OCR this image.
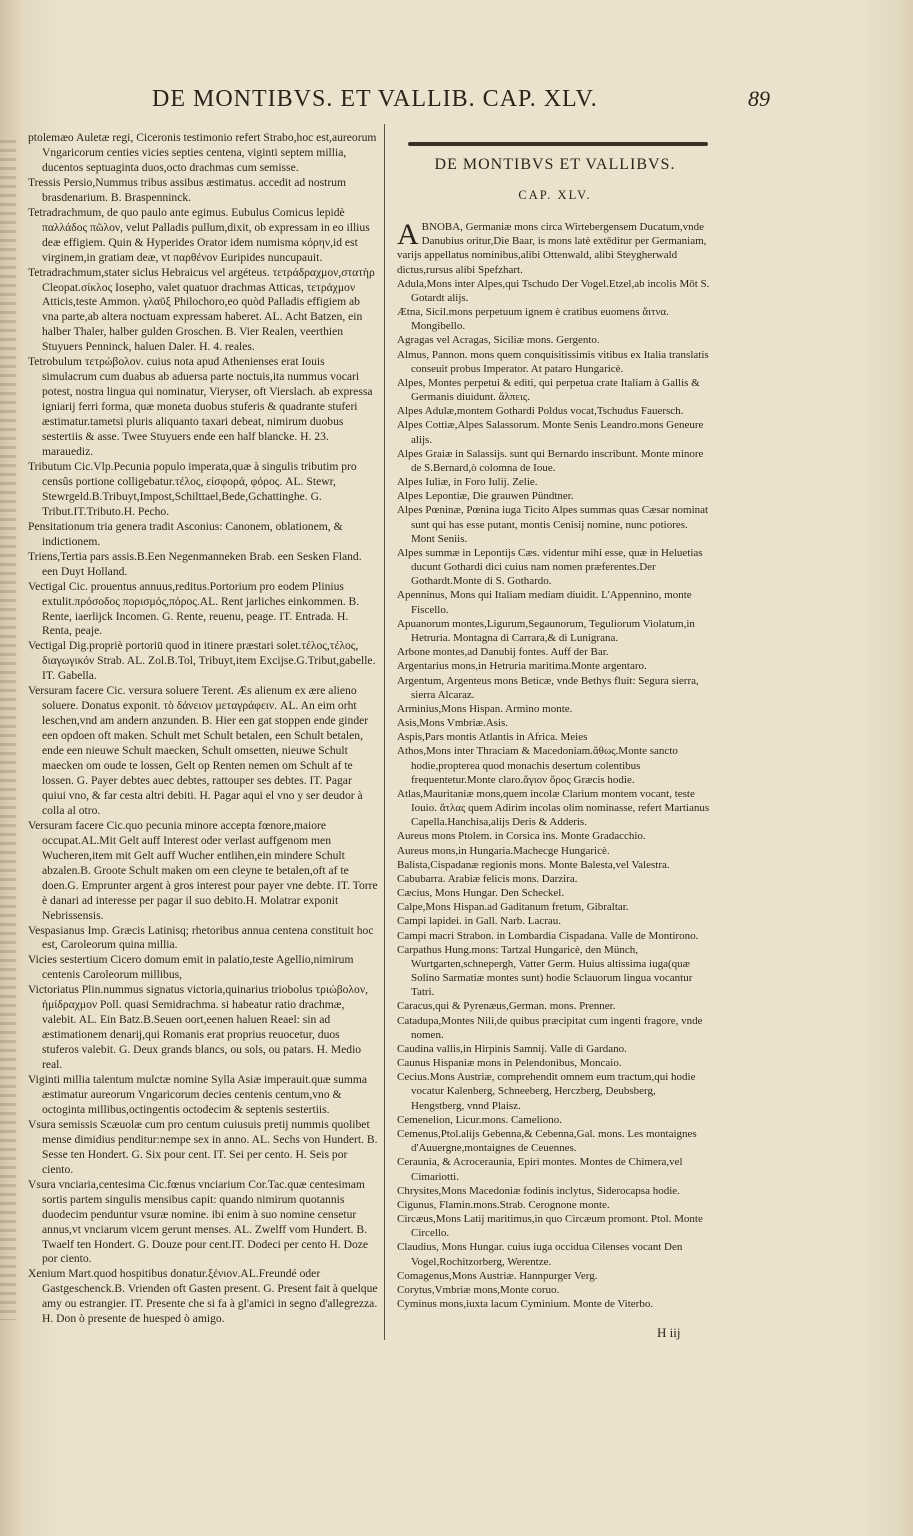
DE MONTIBVS. ET VALLIB. CAP. XLV.	89

ptolemæo Auletæ regi, Ciceronis testimonio refert Strabo,hoc est,aureorum Vngaricorum centies vicies septies centena, viginti septem millia, ducentos septuaginta duos,octo drachmas cum semisse.

Tressis Persio,Nummus tribus assibus æstimatus. accedit ad nostrum brasdenarium. B. Braspenninck.

Tetradrachmum, de quo paulo ante egimus. Eubulus Comicus lepidè παλλάδος πῶλον, velut Palladis pullum,dixit, ob expressam in eo illius deæ effigiem. Quin & Hyperides Orator idem numisma κόρην,id est virginem,in gratiam deæ, vt παρθένον Euripides nuncupauit.

Tetradrachmum,stater siclus Hebraicus vel argéteus. τετράδραχμον,στατὴρ Cleopat.σίκλος Iosepho, valet quatuor drachmas Atticas, τετράχμον Atticis,teste Ammon. γλαῦξ Philochoro,eo quòd Palladis effigiem ab vna parte,ab altera noctuam expressam haberet. AL. Acht Batzen, ein halber Thaler, halber gulden Groschen. B. Vier Realen, veerthien Stuyuers Penninck, haluen Daler. H. 4. reales.

Tetrobulum τετρώβολον. cuius nota apud Athenienses erat Iouis simulacrum cum duabus ab aduersa parte noctuis,ita nummus vocari potest, nostra lingua qui nominatur, Vieryser, oft Vierslach. ab expressa igniarij ferri forma, quæ moneta duobus stuferis & quadrante stuferi æstimatur.tametsi pluris aliquanto taxari debeat, nimirum duobus sestertiis & asse. Twee Stuyuers ende een half blancke. H. 23. marauediz.

Tributum Cic.Vlp.Pecunia populo imperata,quæ à singulis tributim pro censûs portione colligebatur.τέλος, εἰσφορά, φόρος. AL. Stewr, Stewrgeld.B.Tribuyt,Impost,Schilttael,Bede,Gchattinghe. G. Tribut.IT.Tributo.H. Pecho.

Pensitationum tria genera tradit Asconius: Canonem, oblationem, & indictionem.

Triens,Tertia pars assis.B.Een Negenmanneken Brab. een Sesken Fland. een Duyt Holland.

Vectigal Cic. prouentus annuus,reditus.Portorium pro eodem Plinius extulit.πρόσοδος πορισμός,πόρος.AL. Rent jarliches einkommen. B. Rente, iaerlijck Incomen. G. Rente, reuenu, peage. IT. Entrada. H. Renta, peaje.

Vectigal Dig.propriè portoriū quod in itinere præstari solet.τέλος,τέλος, διαγωγικόν Strab. AL. Zol.B.Tol, Tribuyt,item Excijse.G.Tribut,gabelle. IT. Gabella.

Versuram facere Cic. versura soluere Terent. Æs alienum ex ære alieno soluere. Donatus exponit. τὸ δάνειον μεταγράφειν. AL. An eim orht leschen,vnd am andern anzunden. B. Hier een gat stoppen ende ginder een opdoen oft maken. Schult met Schult betalen, een Schult betalen, ende een nieuwe Schult maecken, Schult omsetten, nieuwe Schult maecken om oude te lossen, Gelt op Renten nemen om Schult af te lossen. G. Payer debtes auec debtes, rattouper ses debtes. IT. Pagar quiui vno, & far cesta altri debiti. H. Pagar aqui el vno y ser deudor à colla al otro.

Versuram facere Cic.quo pecunia minore accepta fœnore,maiore occupat.AL.Mit Gelt auff Interest oder verlast auffgenom men Wucheren,item mit Gelt auff Wucher entlihen,ein mindere Schult abzalen.B. Groote Schult maken om een cleyne te betalen,oft af te doen.G. Emprunter argent à gros interest pour payer vne debte. IT. Torre è danari ad interesse per pagar il suo debito.H. Molatrar exponit Nebrissensis.

Vespasianus Imp. Græcis Latinisq; rhetoribus annua centena constituit hoc est, Caroleorum quina millia.

Vicies sestertium Cicero domum emit in palatio,teste Agellio,nimirum centenis Caroleorum millibus,

Victoriatus Plin.nummus signatus victoria,quinarius triobolus τριώβολον, ἡμίδραχμον Poll. quasi Semidrachma. si habeatur ratio drachmæ, valebit. AL. Ein Batz.B.Seuen oort,eenen haluen Reael: sin ad æstimationem denarij,qui Romanis erat proprius reuocetur, duos stuferos valebit. G. Deux grands blancs, ou sols, ou patars. H. Medio real.

Viginti millia talentum mulctæ nomine Sylla Asiæ imperauit.quæ summa æstimatur aureorum Vngaricorum decies centenis centum,vno & octoginta millibus,octingentis octodecim & septenis sestertiis.

Vsura semissis Scæuolæ cum pro centum cuiusuis pretij nummis quolibet mense dimidius penditur:nempe sex in anno. AL. Sechs von Hundert. B. Sesse ten Hondert. G. Six pour cent. IT. Sei per cento. H. Seis por ciento.

Vsura vnciaria,centesima Cic.fœnus vnciarium Cor.Tac.quæ centesimam sortis partem singulis mensibus capit: quando nimirum quotannis duodecim penduntur vsuræ nomine. ibi enim à suo nomine censetur annus,vt vnciarum vicem gerunt menses. AL. Zwelff vom Hundert. B. Twaelf ten Hondert. G. Douze pour cent.IT. Dodeci per cento H. Doze por ciento.

Xenium Mart.quod hospitibus donatur.ξένιον.AL.Freundé oder Gastgeschenck.B. Vrienden oft Gasten present. G. Present fait à quelque amy ou estrangier. IT. Presente che si fa à gl'amici in segno d'allegrezza. H. Don ò presente de huesped ò amigo.

DE MONTIBVS ET VALLIBVS.
CAP. XLV.

ABNOBA, Germaniæ mons circa Wirtebergensem Ducatum,vnde Danubius oritur,Die Baar, is mons latè extēditur per Germaniam, varijs appellatus nominibus,alibi Ottenwald, alibi Steygherwald dictus,rursus alibi Spefzhart.

Adula,Mons inter Alpes,qui Tschudo Der Vogel.Etzel,ab incolis Mōt S. Gotardt alijs.

Ætna, Sicil.mons perpetuum ignem è cratibus euomens ἄιτνα. Mongibello.

Agragas vel Acragas, Siciliæ mons. Gergento.

Almus, Pannon. mons quem conquisitissimis vitibus ex Italia translatis conseuit probus Imperator. At pataro Hungaricè.

Alpes, Montes perpetui & editi, qui perpetua crate Italiam à Gallis & Germanis diuidunt. ἄλπεις.

Alpes Adulæ,montem Gothardi Poldus vocat,Tschudus Fauersch.

Alpes Cottiæ,Alpes Salassorum. Monte Senis Leandro.mons Geneure alijs.

Alpes Graiæ in Salassijs. sunt qui Bernardo inscribunt. Monte minore de S.Bernard,ò colomna de Ioue.

Alpes Iuliæ, in Foro Iulij. Zelie.

Alpes Lepontiæ, Die grauwen Pündtner.

Alpes Pœninæ, Pœnina iuga Ticito Alpes summas quas Cæsar nominat sunt qui has esse putant, montis Cenisij nomine, nunc potiores. Mont Seniis.

Alpes summæ in Lepontijs Cæs. videntur mihi esse, quæ in Heluetias ducunt Gothardi dici cuius nam nomen præferentes.Der Gothardt.Monte di S. Gothardo.

Apenninus, Mons qui Italiam mediam diuidit. L'Appennino, monte Fiscello.

Apuanorum montes,Ligurum,Segaunorum, Teguliorum Violatum,in Hetruria. Montagna di Carrara,& di Lunigrana.

Arbone montes,ad Danubij fontes. Auff der Bar.

Argentarius mons,in Hetruria maritima.Monte argentaro.

Argentum, Argenteus mons Beticæ, vnde Bethys fluit: Segura sierra, sierra Alcaraz.

Arminius,Mons Hispan. Armino monte.

Asis,Mons Vmbriæ.Asis.

Aspis,Pars montis Atlantis in Africa. Meies

Athos,Mons inter Thraciam & Macedoniam.ἄθως.Monte sancto hodie,propterea quod monachis desertum colentibus frequentetur.Monte claro.ἅγιον ὄρος Græcis hodie.

Atlas,Mauritaniæ mons,quem incolæ Clarium montem vocant, teste Iouio. ἄτλας quem Adirim incolas olim nominasse, refert Martianus Capella.Hanchisa,alijs Deris & Adderis.

Aureus mons Ptolem. in Corsica ins. Monte Gradacchio.

Aureus mons,in Hungaria.Machecge Hungaricè.

Balista,Cispadanæ regionis mons. Monte Balesta,vel Valestra.

Cabubarra. Arabiæ felicis mons. Darzira.

Cæcius, Mons Hungar. Den Scheckel.

Calpe,Mons Hispan.ad Gaditanum fretum, Gibraltar.

Campi lapidei. in Gall. Narb. Lacrau.

Campi macri Strabon. in Lombardia Cispadana. Valle de Montirono.

Carpathus Hung.mons: Tartzal Hungaricè, den Münch, Wurtgarten,schnepergh, Vatter Germ. Huius altissima iuga(quæ Solino Sarmatiæ montes sunt) hodie Sclauorum lingua vocantur Tatri.

Caracus,qui & Pyrenæus,German. mons. Prenner.

Catadupa,Montes Nili,de quibus præcipitat cum ingenti fragore, vnde nomen.

Caudina vallis,in Hirpinis Samnij. Valle di Gardano.

Caunus Hispaniæ mons in Pelendonibus, Moncaio.

Cecius.Mons Austriæ, comprehendit omnem eum tractum,qui hodie vocatur Kalenberg, Schneeberg, Herczberg, Deubsberg, Hengstberg, vnnd Plaisz.

Cemenelion, Licur.mons. Cameliono.

Cemenus,Ptol.alijs Gebenna,& Cebenna,Gal. mons. Les montaignes d'Auuergne,montaignes de Ceuennes.

Ceraunia, & Acroceraunia, Epiri montes. Montes de Chimera,vel Cimariotti.

Chrysites,Mons Macedoniæ fodinis inclytus, Siderocapsa hodie.

Cigunus, Flamin.mons.Strab. Cerognone monte.

Circæus,Mons Latij maritimus,in quo Circæum promont. Ptol. Monte Circello.

Claudius, Mons Hungar. cuius iuga occidua Cilenses vocant Den Vogel,Rochitzorberg, Werentze.

Comagenus,Mons Austriæ. Hannpurger Verg.

Corytus,Vmbriæ mons,Monte coruo.

Cyminus mons,iuxta lacum Cyminium. Monte de Viterbo.

H iij
